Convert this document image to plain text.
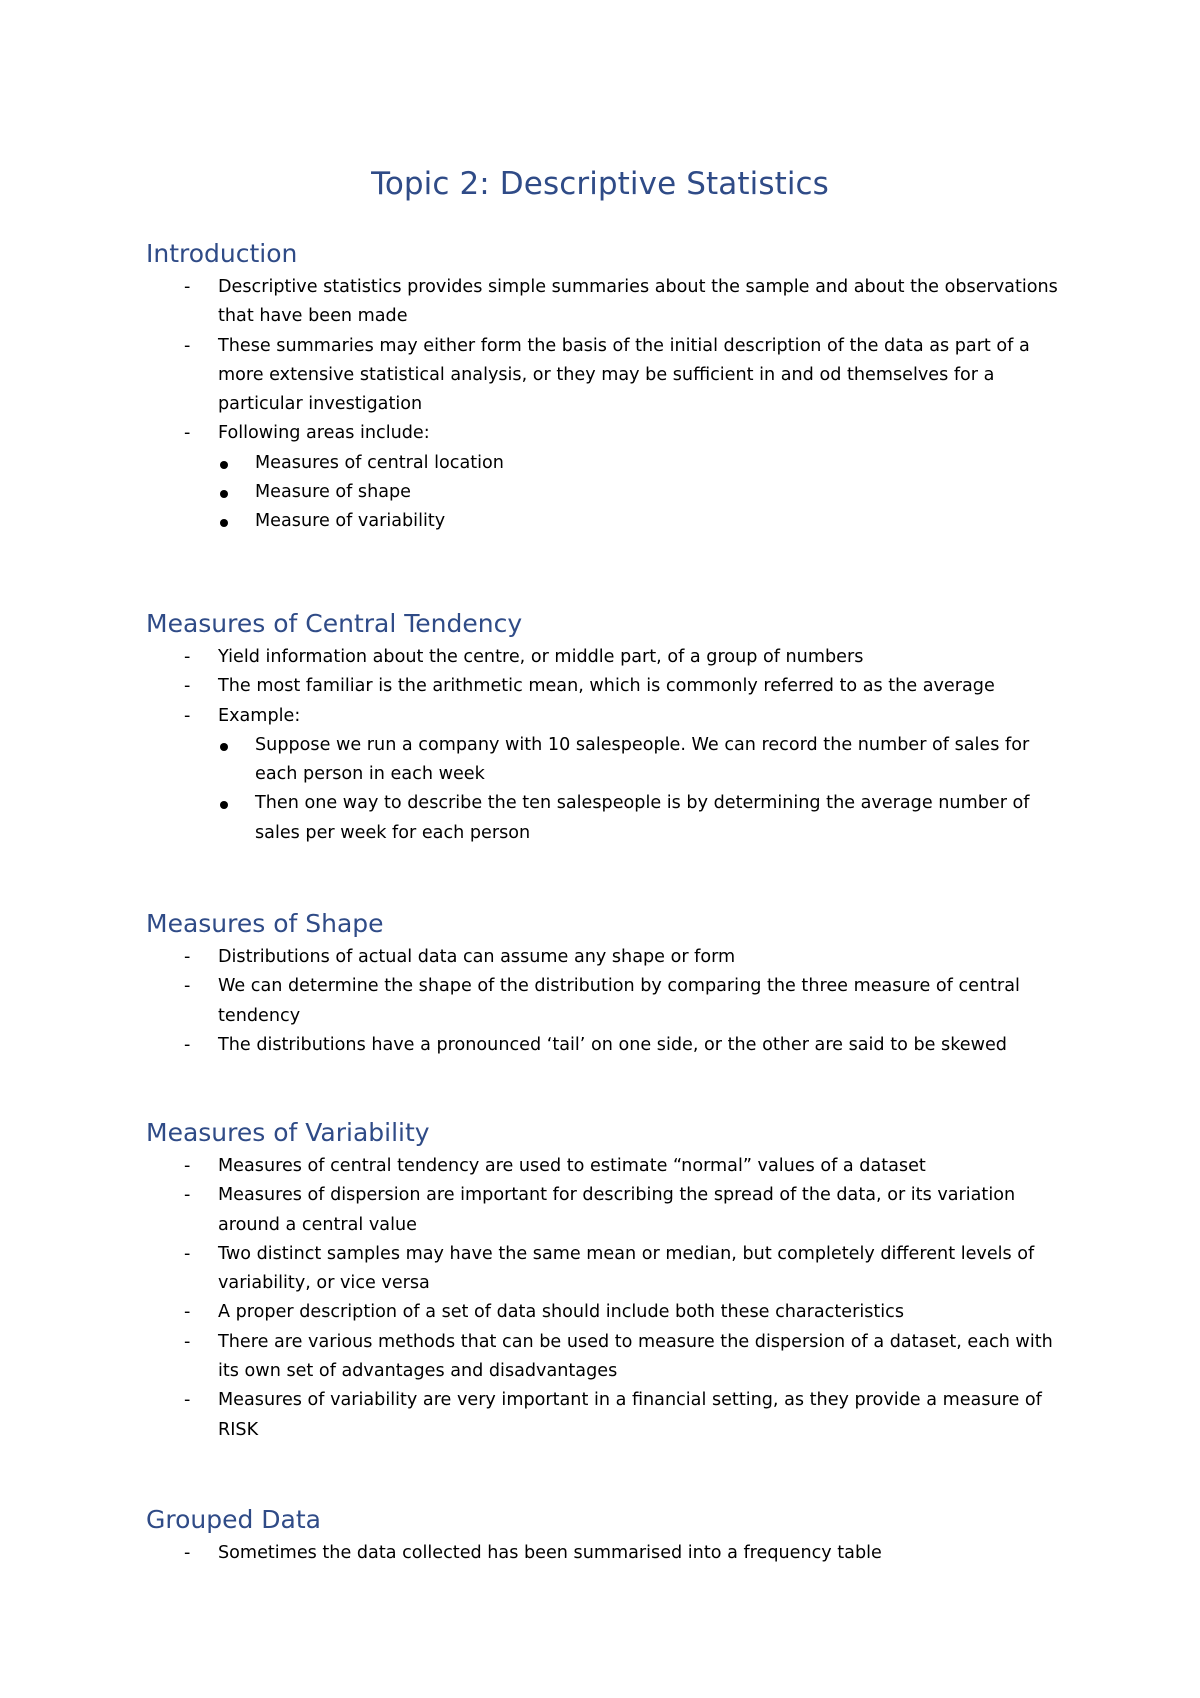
Topic 2: Descriptive Statistics
Introduction
- Descriptive statistics provides simple summaries about the sample and about the observations that have been made
- These summaries may either form the basis of the initial description of the data as part of a more extensive statistical analysis, or they may be sufficient in and od themselves for a particular investigation
- Following areas include:
Measures of central location
Measure of shape
Measure of variability
Measures of Central Tendency
- Yield information about the centre, or middle part, of a group of numbers
- The most familiar is the arithmetic mean, which is commonly referred to as the average
- Example:
Suppose we run a company with 10 salespeople. We can record the number of sales for each person in each week
Then one way to describe the ten salespeople is by determining the average number of sales per week for each person
Measures of Shape
- Distributions of actual data can assume any shape or form
- We can determine the shape of the distribution by comparing the three measure of central tendency
- The distributions have a pronounced ‘tail’ on one side, or the other are said to be skewed
Measures of Variability
- Measures of central tendency are used to estimate “normal” values of a dataset
- Measures of dispersion are important for describing the spread of the data, or its variation around a central value
- Two distinct samples may have the same mean or median, but completely different levels of variability, or vice versa
- A proper description of a set of data should include both these characteristics
- There are various methods that can be used to measure the dispersion of a dataset, each with its own set of advantages and disadvantages
- Measures of variability are very important in a financial setting, as they provide a measure of RISK
Grouped Data
- Sometimes the data collected has been summarised into a frequency table
